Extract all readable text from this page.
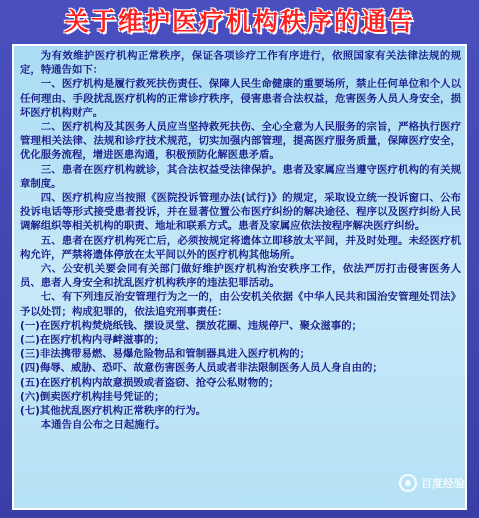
关于维护医疗机构秩序的通告

为有效维护医疗机构正常秩序，保证各项诊疗工作有序进行，依照国家有关法律法规的规定，特通告如下：

一、医疗机构是履行救死扶伤责任、保障人民生命健康的重要场所，禁止任何单位和个人以任何理由、手段扰乱医疗机构的正常诊疗秩序，侵害患者合法权益，危害医务人员人身安全，损坏医疗机构财产。

二、医疗机构及其医务人员应当坚持救死扶伤、全心全意为人民服务的宗旨，严格执行医疗管理相关法律、法规和诊疗技术规范，切实加强内部管理，提高医疗服务质量，保障医疗安全，优化服务流程，增进医患沟通，积极预防化解医患矛盾。

三、患者在医疗机构就诊，其合法权益受法律保护。患者及家属应当遵守医疗机构的有关规章制度。

四、医疗机构应当按照《医院投诉管理办法(试行)》的规定，采取设立统一投诉窗口、公布投诉电话等形式接受患者投诉，并在显著位置公布医疗纠纷的解决途径、程序以及医疗纠纷人民调解组织等相关机构的职责、地址和联系方式。患者及家属应依法按程序解决医疗纠纷。

五、患者在医疗机构死亡后，必须按规定将遗体立即移放太平间，并及时处理。未经医疗机构允许，严禁将遗体停放在太平间以外的医疗机构其他场所。

六、公安机关要会同有关部门做好维护医疗机构治安秩序工作，依法严厉打击侵害医务人员、患者人身安全和扰乱医疗机构秩序的违法犯罪活动。

七、有下列违反治安管理行为之一的，由公安机关依据《中华人民共和国治安管理处罚法》予以处罚；构成犯罪的，依法追究刑事责任：

(一)在医疗机构焚烧纸钱、摆设灵堂、摆放花圈、违规停尸、聚众滋事的；

(二)在医疗机构内寻衅滋事的；

(三)非法携带易燃、易爆危险物品和管制器具进入医疗机构的；

(四)侮辱、威胁、恐吓、故意伤害医务人员或者非法限制医务人员人身自由的；

(五)在医疗机构内故意损毁或者盗窃、抢夺公私财物的；

(六)倒卖医疗机构挂号凭证的；

(七)其他扰乱医疗机构正常秩序的行为。

本通告自公布之日起施行。

百度经验
